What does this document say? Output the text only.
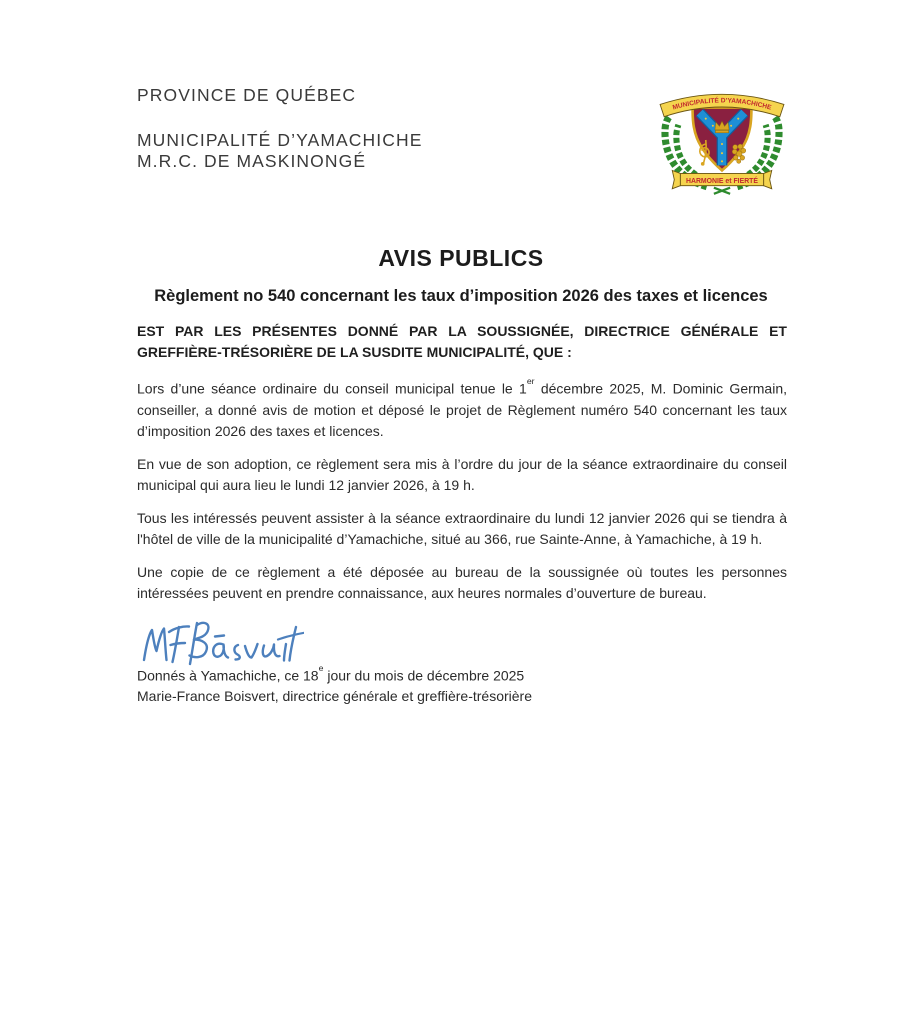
PROVINCE DE QUÉBEC

MUNICIPALITÉ D’YAMACHICHE

M.R.C. DE MASKINONGÉ

MUNICIPALITÉ D’YAMACHICHE
HARMONIE et FIERTÉ
AVIS PUBLICS
Règlement no 540 concernant les taux d’imposition 2026 des taxes et licences

EST PAR LES PRÉSENTES DONNÉ PAR LA SOUSSIGNÉE, DIRECTRICE GÉNÉRALE ET GREFFIÈRE-TRÉSORIÈRE DE LA SUSDITE MUNICIPALITÉ, QUE :

Lors d’une séance ordinaire du conseil municipal tenue le 1er décembre 2025, M. Dominic Germain, conseiller, a donné avis de motion et déposé le projet de Règlement numéro 540 concernant les taux d’imposition 2026 des taxes et licences.

En vue de son adoption, ce règlement sera mis à l’ordre du jour de la séance extraordinaire du conseil municipal qui aura lieu le lundi 12 janvier 2026, à 19 h.

Tous les intéressés peuvent assister à la séance extraordinaire du lundi 12 janvier 2026 qui se tiendra à l'hôtel de ville de la municipalité d’Yamachiche, situé au 366, rue Sainte-Anne, à Yamachiche, à 19 h.

Une copie de ce règlement a été déposée au bureau de la soussignée où toutes les personnes intéressées peuvent en prendre connaissance, aux heures normales d’ouverture de bureau.

Donnés à Yamachiche, ce 18e jour du mois de décembre 2025

Marie-France Boisvert, directrice générale et greffière-trésorière
